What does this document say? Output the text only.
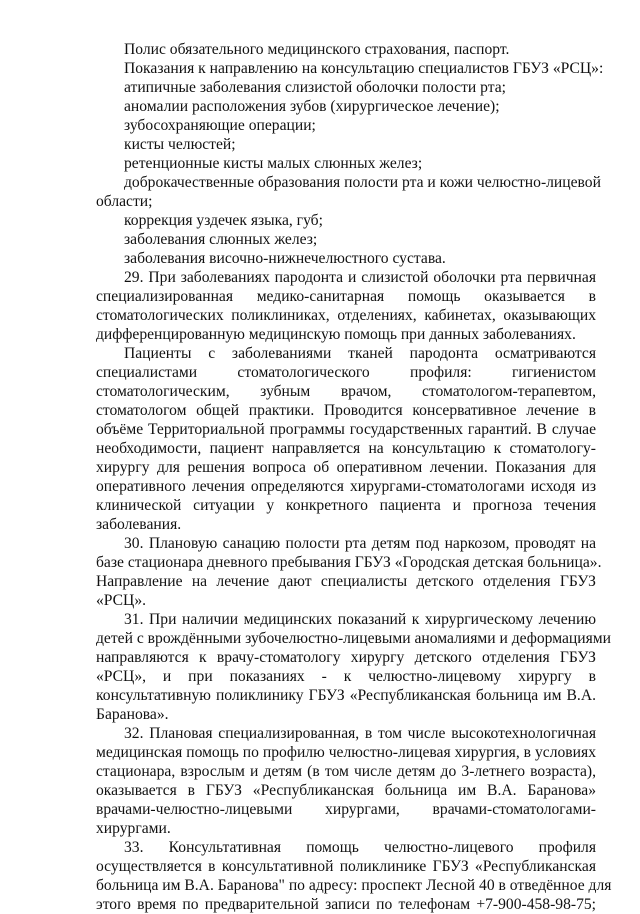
Полис обязательного медицинского страхования, паспорт.
Показания к направлению на консультацию специалистов ГБУЗ «РСЦ»:
атипичные заболевания слизистой оболочки полости рта;
аномалии расположения зубов (хирургическое лечение);
зубосохраняющие операции;
кисты челюстей;
ретенционные кисты малых слюнных желез;
доброкачественные образования полости рта и кожи челюстно-лицевой
области;
коррекция уздечек языка, губ;
заболевания слюнных желез;
заболевания височно-нижнечелюстного сустава.
29. При заболеваниях пародонта и слизистой оболочки рта первичная
специализированная медико-санитарная помощь оказывается в
стоматологических поликлиниках, отделениях, кабинетах, оказывающих
дифференцированную медицинскую помощь при данных заболеваниях.
Пациенты с заболеваниями тканей пародонта осматриваются
специалистами стоматологического профиля: гигиенистом
стоматологическим, зубным врачом, стоматологом-терапевтом,
стоматологом общей практики. Проводится консервативное лечение в
объёме Территориальной программы государственных гарантий. В случае
необходимости, пациент направляется на консультацию к стоматологу-
хирургу для решения вопроса об оперативном лечении. Показания для
оперативного лечения определяются хирургами-стоматологами исходя из
клинической ситуации у конкретного пациента и прогноза течения
заболевания.
30. Плановую санацию полости рта детям под наркозом, проводят на
базе стационара дневного пребывания ГБУЗ «Городская детская больница».
Направление на лечение дают специалисты детского отделения ГБУЗ
«РСЦ».
31. При наличии медицинских показаний к хирургическому лечению
детей с врождёнными зубочелюстно-лицевыми аномалиями и деформациями
направляются к врачу-стоматологу хирургу детского отделения ГБУЗ
«РСЦ», и при показаниях - к челюстно-лицевому хирургу в
консультативную поликлинику ГБУЗ «Республиканская больница им В.А.
Баранова».
32. Плановая специализированная, в том числе высокотехнологичная
медицинская помощь по профилю челюстно-лицевая хирургия, в условиях
стационара, взрослым и детям (в том числе детям до 3-летнего возраста),
оказывается в ГБУЗ «Республиканская больница им В.А. Баранова»
врачами-челюстно-лицевыми хирургами, врачами-стоматологами-
хирургами.
33. Консультативная помощь челюстно-лицевого профиля
осуществляется в консультативной поликлинике ГБУЗ «Республиканская
больница им В.А. Баранова" по адресу: проспект Лесной 40 в отведённое для
этого время по предварительной записи по телефонам +7-900-458-98-75;
